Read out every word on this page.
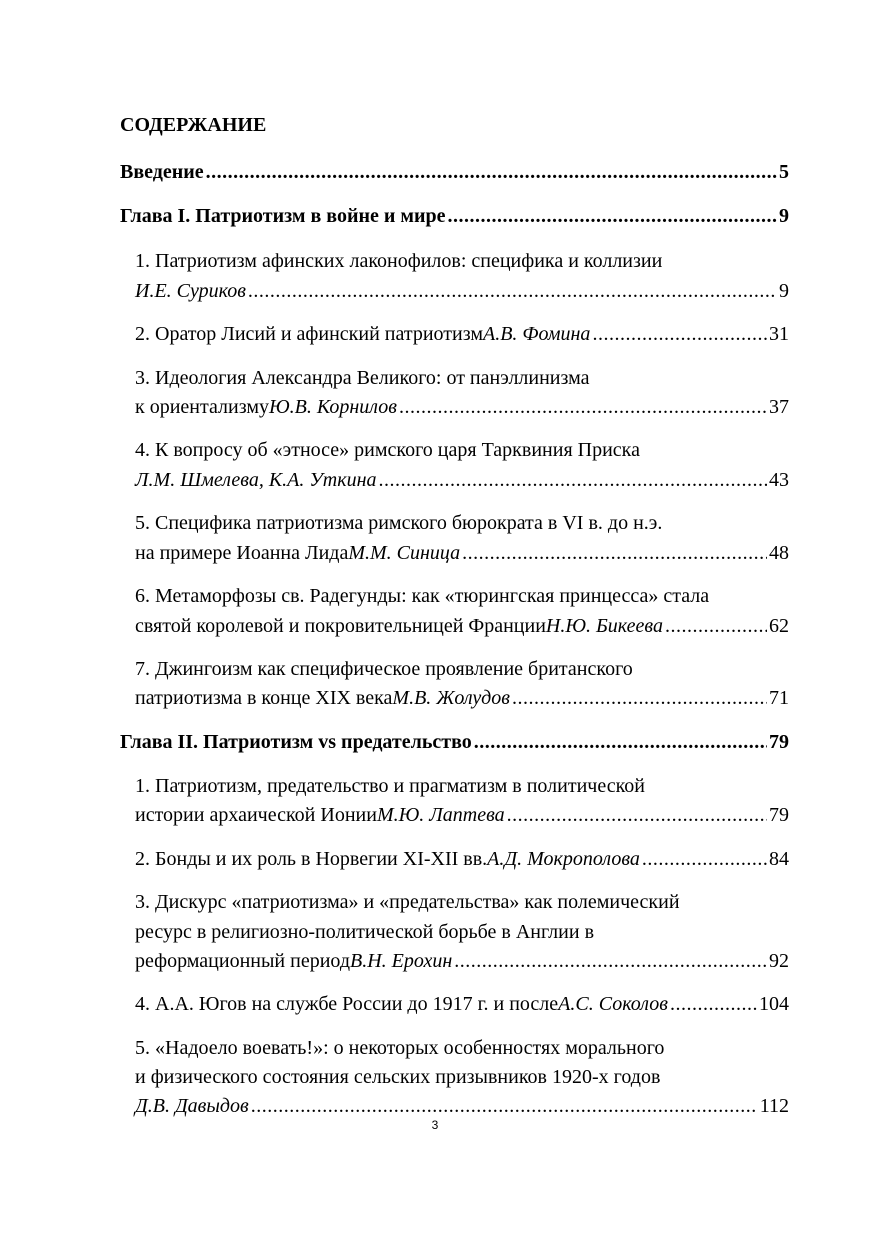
СОДЕРЖАНИЕ
Введение .....	5
Глава I. Патриотизм в войне и мире .....	9
1. Патриотизм афинских лаконофилов: специфика и коллизии
И.Е. Суриков .....	9
2. Оратор Лисий и афинский патриотизм А.В. Фомина .....	31
3. Идеология Александра Великого: от панэллинизма
к ориентализму Ю.В. Корнилов .....	37
4. К вопросу об «этносе» римского царя Тарквиния Приска
Л.М. Шмелева, К.А. Уткина .....	43
5. Специфика патриотизма римского бюрократа в VI в. до н.э.
на примере Иоанна Лида М.М. Синица .....	48
6. Метаморфозы св. Радегунды: как «тюрингская принцесса» стала
святой королевой и покровительницей Франции Н.Ю. Бикеева .....	62
7. Джингоизм как специфическое проявление британского
патриотизма в конце XIX века М.В. Жолудов .....	71
Глава II. Патриотизм vs предательство .....	79
1. Патриотизм, предательство и прагматизм в политической
истории архаической Ионии М.Ю. Лаптева .....	79
2. Бонды и их роль в Норвегии XI-XII вв. А.Д. Мокрополова .....	84
3. Дискурс «патриотизма» и «предательства» как полемический
ресурс в религиозно-политической борьбе в Англии в
реформационный период В.Н. Ерохин .....	92
4. А.А. Югов на службе России до 1917 г. и после А.С. Соколов .....	104
5. «Надоело воевать!»: о некоторых особенностях морального
и физического состояния сельских призывников 1920-х годов
Д.В. Давыдов .....	112
3
